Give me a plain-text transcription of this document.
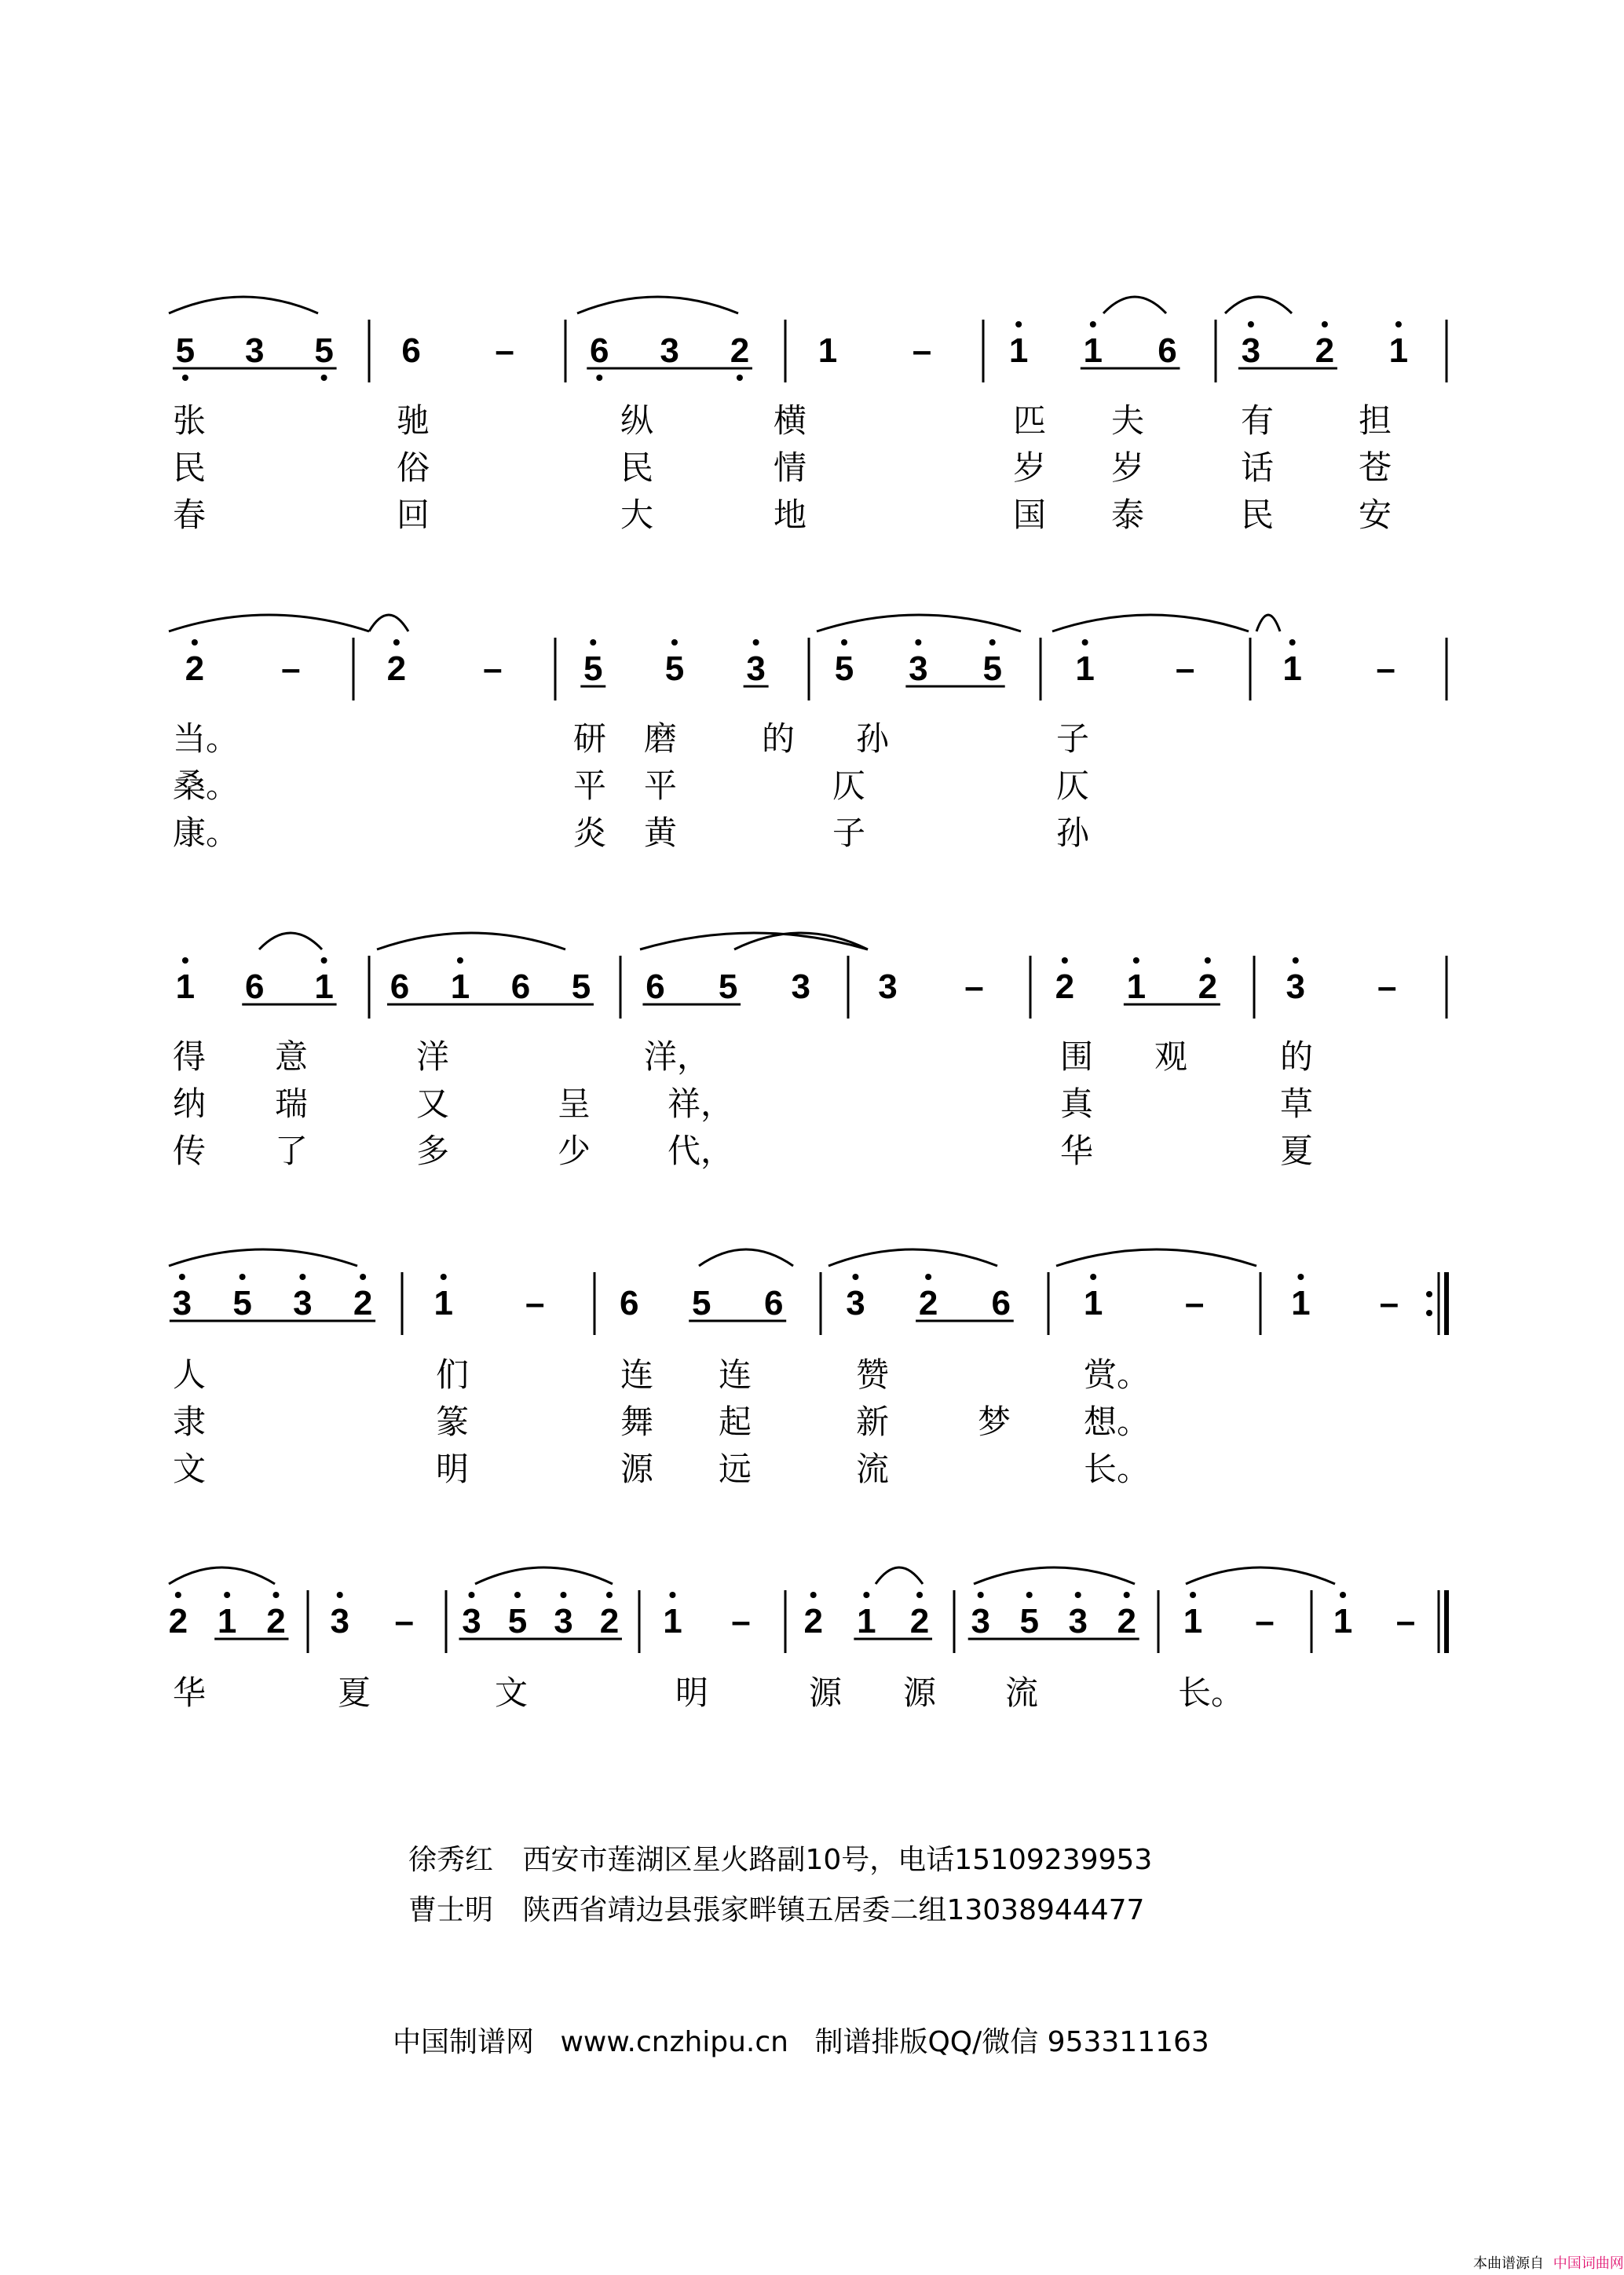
5 3 5 6 – 6 3 2 1 – 1 1 6 3 2 1
张	驰	纵	横	匹 夫	有	担
民	俗	民	情	岁 岁	话	苍
春	回	大	地	国 泰	民	安
2 –	2 – 5 5 3 5 3 5 1 –	1 –
当。	研 磨	的 孙	子
桑。	平 平	仄	仄
康。	炎 黄	子	孙
1 6 1 6 1 6 5 6 5 3 3 – 2 1 2 3 –
得 意	洋	洋，	围 观	的
纳 瑞	又	呈 祥，	真	草
传 了	多	少 代，	华	夏
3 5 3 2 1 – 6 5 6 3 2 6 1 –	1 –
人	们	连 连	赞	赏。
隶	篆	舞 起	新	梦 想。
文	明	源 远	流	长。
2 1 2 3 – 3 5 3 2 1 – 2 1 2 3 5 3 2 1 – 1 –
华	夏	文	明	源 源 流	长。
徐秀红 西安市莲湖区星火路副10号，电话15109239953
曹士明 陕西省靖边县張家畔镇五居委二组13038944477
中国制谱网 www.cnzhipu.cn 制谱排版QQ/微信 953311163
本曲谱源自 中国词曲网
